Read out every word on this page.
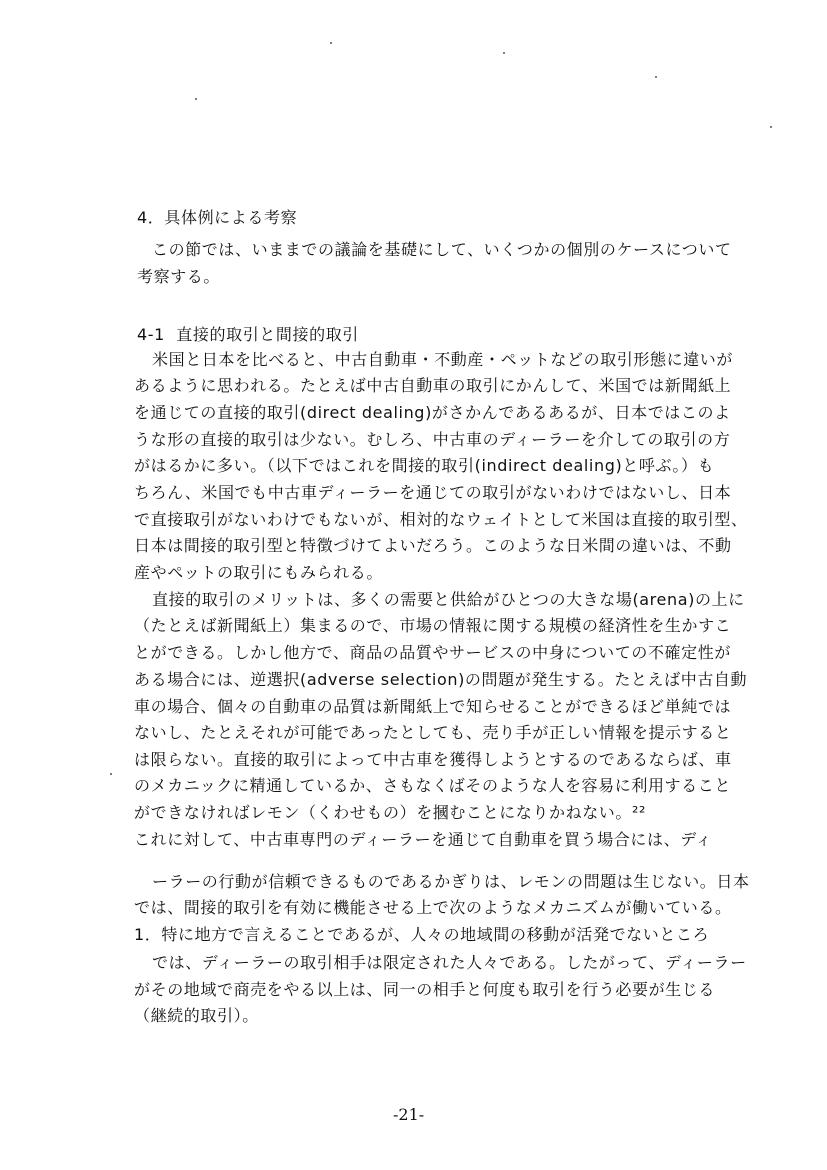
4．具体例による考察
この節では、いままでの議論を基礎にして、いくつかの個別のケースについて
考察する。
4-1  直接的取引と間接的取引
米国と日本を比べると、中古自動車・不動産・ペットなどの取引形態に違いが
あるように思われる。たとえば中古自動車の取引にかんして、米国では新聞紙上
を通じての直接的取引(direct dealing)がさかんであるあるが、日本ではこのよ
うな形の直接的取引は少ない。むしろ、中古車のディーラーを介しての取引の方
がはるかに多い。（以下ではこれを間接的取引(indirect dealing)と呼ぶ。）も
ちろん、米国でも中古車ディーラーを通じての取引がないわけではないし、日本
で直接取引がないわけでもないが、相対的なウェイトとして米国は直接的取引型、
日本は間接的取引型と特徴づけてよいだろう。このような日米間の違いは、不動
産やペットの取引にもみられる。
直接的取引のメリットは、多くの需要と供給がひとつの大きな場(arena)の上に
（たとえば新聞紙上）集まるので、市場の情報に関する規模の経済性を生かすこ
とができる。しかし他方で、商品の品質やサービスの中身についての不確定性が
ある場合には、逆選択(adverse selection)の問題が発生する。たとえば中古自動
車の場合、個々の自動車の品質は新聞紙上で知らせることができるほど単純では
ないし、たとえそれが可能であったとしても、売り手が正しい情報を提示すると
は限らない。直接的取引によって中古車を獲得しようとするのであるならば、車
のメカニックに精通しているか、さもなくばそのような人を容易に利用すること
ができなければレモン（くわせもの）を摑むことになりかねない。²²
これに対して、中古車専門のディーラーを通じて自動車を買う場合には、ディ
ーラーの行動が信頼できるものであるかぎりは、レモンの問題は生じない。日本
では、間接的取引を有効に機能させる上で次のようなメカニズムが働いている。
1．特に地方で言えることであるが、人々の地域間の移動が活発でないところ
では、ディーラーの取引相手は限定された人々である。したがって、ディーラー
がその地域で商売をやる以上は、同一の相手と何度も取引を行う必要が生じる
（継続的取引）。
-21-
